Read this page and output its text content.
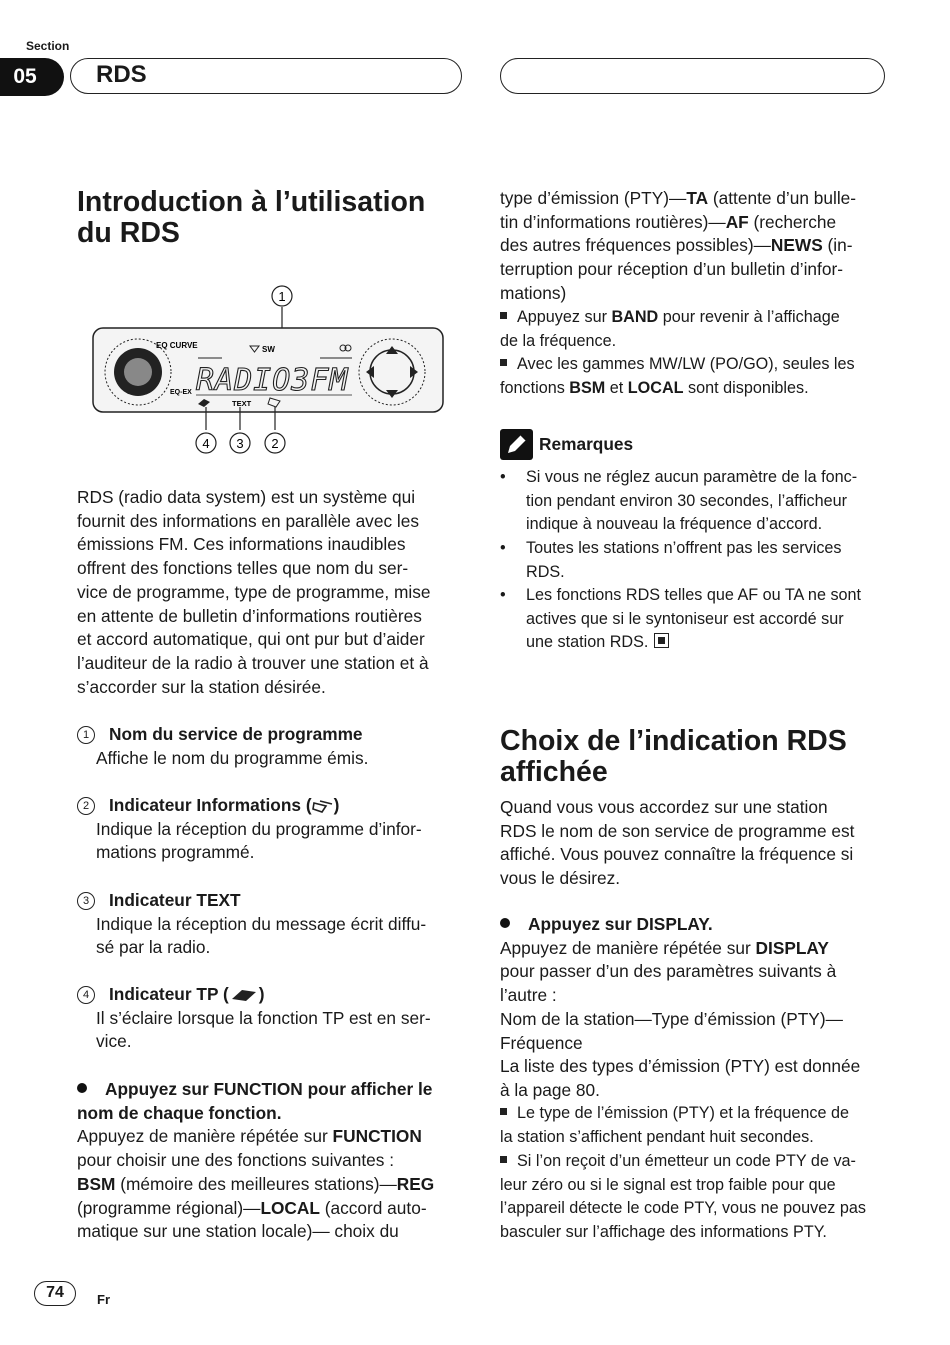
Section
05	RDS
Introduction à l’utilisation
du RDS
1
EQ CURVE	SW
EQ-EX RADIO3FM
TEXT
4 3 2

RDS (radio data system) est un système qui
fournit des informations en parallèle avec les
émissions FM. Ces informations inaudibles
offrent des fonctions telles que nom du ser-
vice de programme, type de programme, mise
en attente de bulletin d’informations routières
et accord automatique, qui ont pur but d’aider
l’auditeur de la radio à trouver une station et à
s’accorder sur la station désirée.

1 Nom du service de programme
Affiche le nom du programme émis.
2 Indicateur Informations ( )
Indique la réception du programme d’infor-
mations programmé.
3 Indicateur TEXT
Indique la réception du message écrit diffu-
sé par la radio.
4 Indicateur TP ( )
Il s’éclaire lorsque la fonction TP est en ser-
vice.
Appuyez sur FUNCTION pour afficher le
nom de chaque fonction.
Appuyez de manière répétée sur FUNCTION
pour choisir une des fonctions suivantes :
BSM (mémoire des meilleures stations)—REG
(programme régional)—LOCAL (accord auto-
matique sur une station locale)— choix du

type d’émission (PTY)—TA (attente d’un bulle-
tin d’informations routières)—AF (recherche
des autres fréquences possibles)—NEWS (in-
terruption pour réception d’un bulletin d’infor-
mations)

Appuyez sur BAND pour revenir à l’affichage
de la fréquence.
Avec les gammes MW/LW (PO/GO), seules les
fonctions BSM et LOCAL sont disponibles.
Remarques
• Si vous ne réglez aucun paramètre de la fonc-
tion pendant environ 30 secondes, l’afficheur
indique à nouveau la fréquence d’accord.
• Toutes les stations n’offrent pas les services
RDS.
• Les fonctions RDS telles que AF ou TA ne sont
actives que si le syntoniseur est accordé sur
une station RDS.
Choix de l’indication RDS
affichée

Quand vous vous accordez sur une station
RDS le nom de son service de programme est
affiché. Vous pouvez connaître la fréquence si
vous le désirez.

Appuyez sur DISPLAY.
Appuyez de manière répétée sur DISPLAY
pour passer d’un des paramètres suivants à
l’autre :
Nom de la station—Type d’émission (PTY)—
Fréquence
La liste des types d’émission (PTY) est donnée
à la page 80.
Le type de l’émission (PTY) et la fréquence de
la station s’affichent pendant huit secondes.
Si l’on reçoit d’un émetteur un code PTY de va-
leur zéro ou si le signal est trop faible pour que
l’appareil détecte le code PTY, vous ne pouvez pas
basculer sur l’affichage des informations PTY.
74	Fr
